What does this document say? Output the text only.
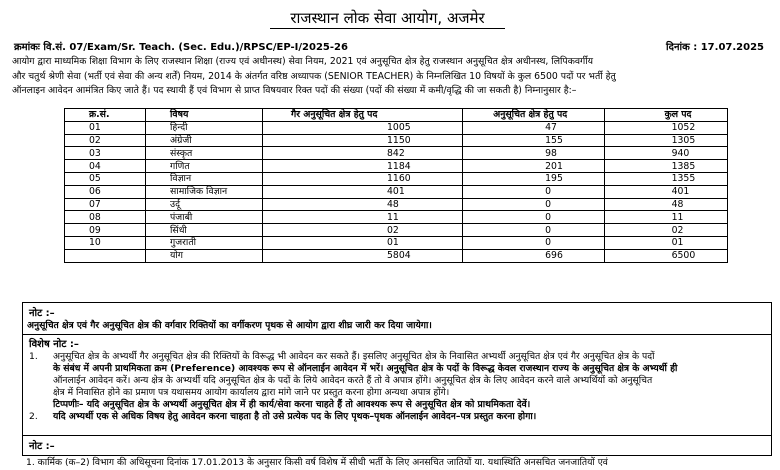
राजस्थान लोक सेवा आयोग, अजमेर
क्रमांकः वि.सं. 07/Exam/Sr. Teach. (Sec. Edu.)/RPSC/EP-I/2025-26	दिनांक : 17.07.2025

आयोग द्वारा माध्यमिक शिक्षा विभाग के लिए राजस्थान शिक्षा (राज्य एवं अधीनस्थ) सेवा नियम, 2021 एवं अनुसूचित क्षेत्र हेतु राजस्थान अनुसूचित क्षेत्र अधीनस्थ, लिपिकवर्गीय

और चतुर्थ श्रेणी सेवा (भर्ती एवं सेवा की अन्य शर्तें) नियम, 2014 के अंतर्गत वरिष्ठ अध्यापक (SENIOR TEACHER) के निम्नलिखित 10 विषयों के कुल 6500 पदों पर भर्ती हेतु

ऑनलाइन आवेदन आमंत्रित किए जाते हैं। पद स्थायी हैं एवं विभाग से प्राप्त विषयवार रिक्त पदों की संख्या (पदों की संख्या में कमी/वृद्धि की जा सकती है) निम्नानुसार है:–

क्र.सं.	विषय	गैर अनुसूचित क्षेत्र हेतु पद	अनुसूचित क्षेत्र हेतु पद	कुल पद
01	हिन्दी	1005	47	1052
02	अंग्रेजी	1150	155	1305
03	संस्कृत	842	98	940
04	गणित	1184	201	1385
05	विज्ञान	1160	195	1355
06	सामाजिक विज्ञान	401	0	401
07	उर्दू	48	0	48
08	पंजाबी	11	0	11
09	सिंधी	02	0	02
10	गुजराती	01	0	01
	योग	5804	696	6500
नोट :–
अनुसूचित क्षेत्र एवं गैर अनुसूचित क्षेत्र की वर्गवार रिक्तियों का वर्गीकरण पृथक से आयोग द्वारा शीघ्र जारी कर दिया जायेगा।
विशेष नोट :–
1. अनुसूचित क्षेत्र के अभ्यर्थी गैर अनुसूचित क्षेत्र की रिक्तियों के विरूद्ध भी आवेदन कर सकते हैं। इसलिए अनुसूचित क्षेत्र के निवासित अभ्यर्थी अनुसूचित क्षेत्र एवं गैर अनुसूचित क्षेत्र के पदों
के संबंध में अपनी प्राथमिकता क्रम (Preference) आवश्यक रूप से ऑनलाईन आवेदन में भरें। अनुसूचित क्षेत्र के पदों के विरूद्ध केवल राजस्थान राज्य के अनुसूचित क्षेत्र के अभ्यर्थी ही
ऑनलाईन आवेदन करें। अन्य क्षेत्र के अभ्यर्थी यदि अनुसूचित क्षेत्र के पदों के लिये आवेदन करते हैं तो वे अपात्र होंगे। अनुसूचित क्षेत्र के लिए आवेदन करने वाले अभ्यर्थियों को अनुसूचित
क्षेत्र में निवासित होने का प्रमाण पत्र यथासमय आयोग कार्यालय द्वारा मांगे जाने पर प्रस्तुत करना होगा अन्यथा अपात्र होंगे।
टिप्पणीः– यदि अनुसूचित क्षेत्र के अभ्यर्थी अनुसूचित क्षेत्र में ही कार्य/सेवा करना चाहते हैं तो आवश्यक रूप से अनुसूचित क्षेत्र को प्राथमिकता देवें।
2. यदि अभ्यर्थी एक से अधिक विषय हेतु आवेदन करना चाहता है तो उसे प्रत्येक पद के लिए पृथक–पृथक ऑनलाईन आवेदन–पत्र प्रस्तुत करना होगा।
नोट :–
1. कार्मिक (क–2) विभाग की अधिसूचना दिनांक 17.01.2013 के अनुसार किसी वर्ष विशेष में सीधी भर्ती के लिए अनसचित जातियों या. यथास्थिति अनसचित जनजातियों एवं
